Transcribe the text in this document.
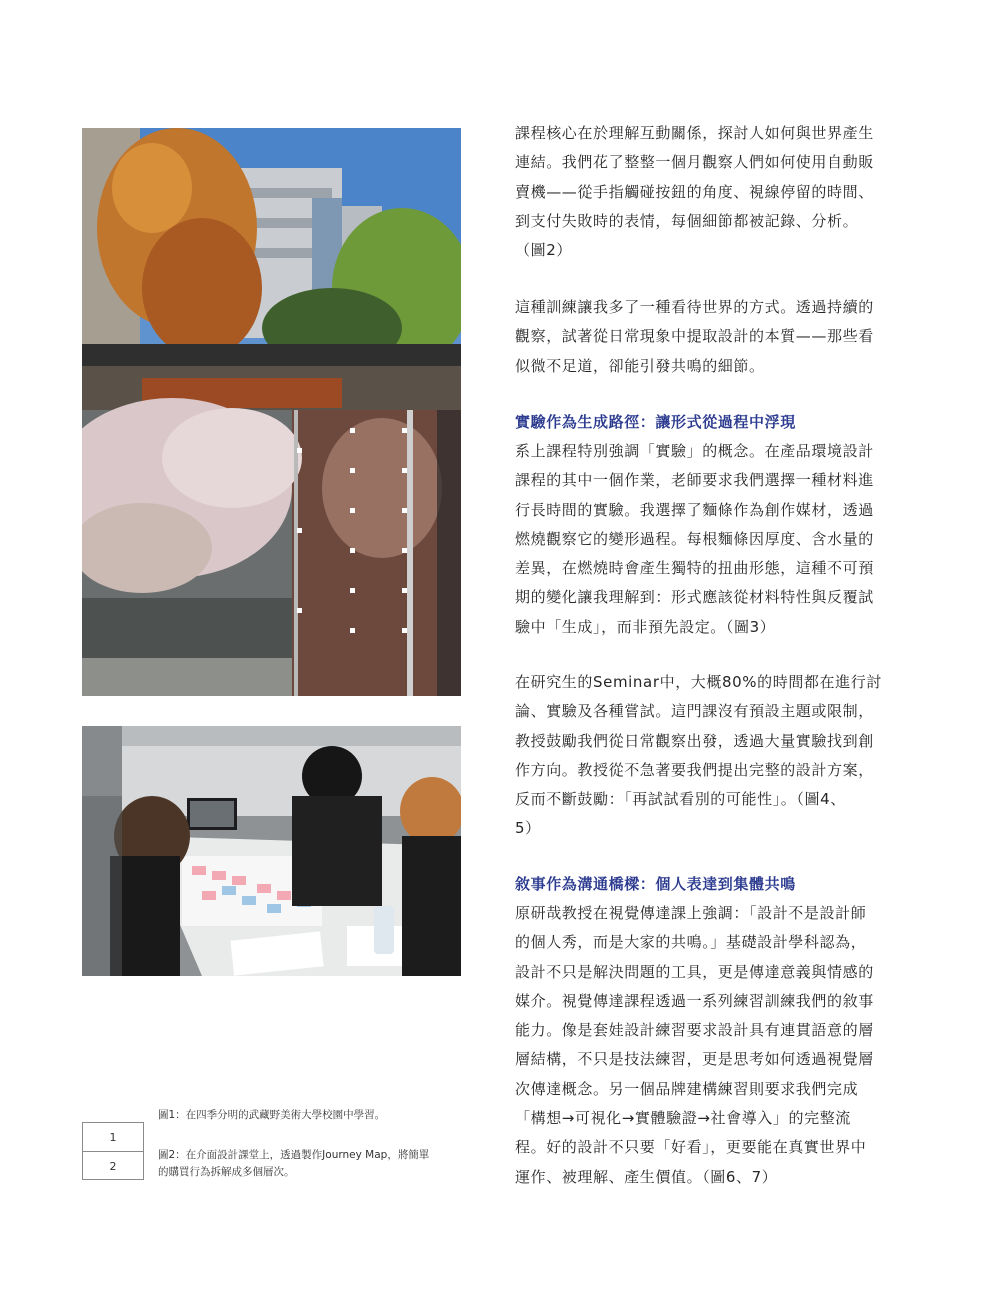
1
2
圖1：在四季分明的武藏野美術大學校園中學習。
圖2：在介面設計課堂上，透過製作Journey Map，將簡單
的購買行為拆解成多個層次。

課程核心在於理解互動關係，探討人如何與世界產生
連結。我們花了整整一個月觀察人們如何使用自動販
賣機——從手指觸碰按鈕的角度、視線停留的時間、
到支付失敗時的表情，每個細節都被記錄、分析。
（圖2）

這種訓練讓我多了一種看待世界的方式。透過持續的
觀察，試著從日常現象中提取設計的本質——那些看
似微不足道，卻能引發共鳴的細節。

實驗作為生成路徑：讓形式從過程中浮現

系上課程特別強調「實驗」的概念。在產品環境設計
課程的其中一個作業，老師要求我們選擇一種材料進
行長時間的實驗。我選擇了麵條作為創作媒材，透過
燃燒觀察它的變形過程。每根麵條因厚度、含水量的
差異，在燃燒時會產生獨特的扭曲形態，這種不可預
期的變化讓我理解到：形式應該從材料特性與反覆試
驗中「生成」，而非預先設定。（圖3）

在研究生的Seminar中，大概80%的時間都在進行討
論、實驗及各種嘗試。這門課沒有預設主題或限制，
教授鼓勵我們從日常觀察出發，透過大量實驗找到創
作方向。教授從不急著要我們提出完整的設計方案，
反而不斷鼓勵：「再試試看別的可能性」。（圖4、
5）

敘事作為溝通橋樑：個人表達到集體共鳴

原研哉教授在視覺傳達課上強調：「設計不是設計師
的個人秀，而是大家的共鳴。」基礎設計學科認為，
設計不只是解決問題的工具，更是傳達意義與情感的
媒介。視覺傳達課程透過一系列練習訓練我們的敘事
能力。像是套娃設計練習要求設計具有連貫語意的層
層結構，不只是技法練習，更是思考如何透過視覺層
次傳達概念。另一個品牌建構練習則要求我們完成
「構想→可視化→實體驗證→社會導入」的完整流
程。好的設計不只要「好看」，更要能在真實世界中
運作、被理解、產生價值。（圖6、7）
